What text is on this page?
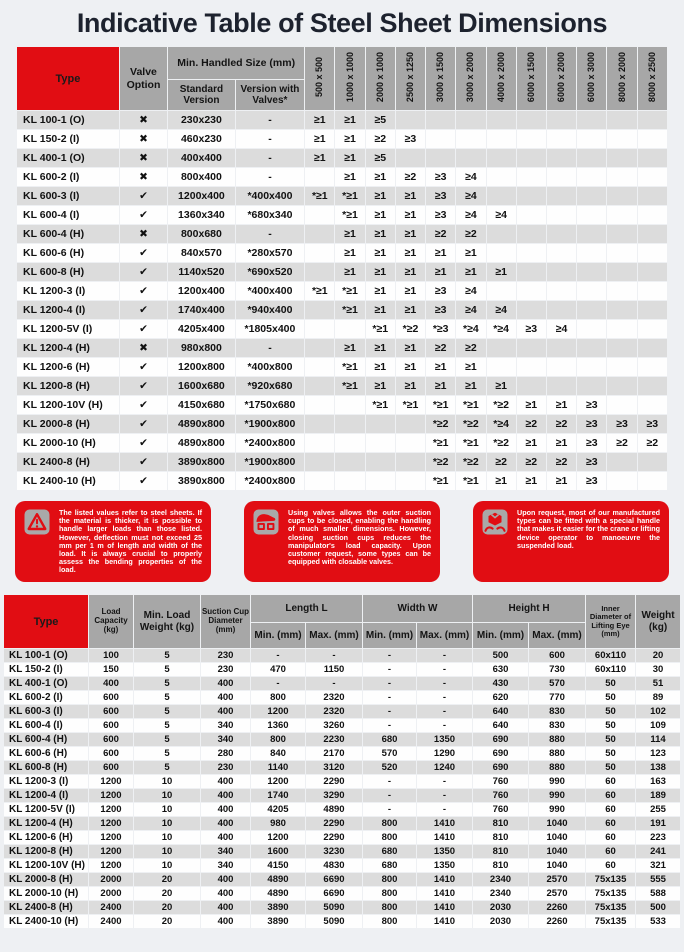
Indicative Table of Steel Sheet Dimensions
Type	Valve Option	Min. Handled Size (mm)		500 x 500	1000 x 1000	2000 x 1000	2500 x 1250	3000 x 1500	3000 x 2000	4000 x 2000	6000 x 1500	6000 x 2000	6000 x 3000	8000 x 2000	8000 x 2500
		Standard Version	Version with Valves*												
KL 100-1 (O)	✖	230x230	-	≥1	≥1	≥5									
KL 150-2 (I)	✖	460x230	-	≥1	≥1	≥2	≥3								
KL 400-1 (O)	✖	400x400	-	≥1	≥1	≥5									
KL 600-2 (I)	✖	800x400	-		≥1	≥1	≥2	≥3	≥4						
KL 600-3 (I)	✔	1200x400	*400x400	*≥1	*≥1	≥1	≥1	≥3	≥4						
KL 600-4 (I)	✔	1360x340	*680x340		*≥1	≥1	≥1	≥3	≥4	≥4					
KL 600-4 (H)	✖	800x680	-		≥1	≥1	≥1	≥2	≥2						
KL 600-6 (H)	✔	840x570	*280x570		≥1	≥1	≥1	≥1	≥1						
KL 600-8 (H)	✔	1140x520	*690x520		≥1	≥1	≥1	≥1	≥1	≥1					
KL 1200-3 (I)	✔	1200x400	*400x400	*≥1	*≥1	≥1	≥1	≥3	≥4						
KL 1200-4 (I)	✔	1740x400	*940x400		*≥1	≥1	≥1	≥3	≥4	≥4					
KL 1200-5V (I)	✔	4205x400	*1805x400			*≥1	*≥2	*≥3	*≥4	*≥4	≥3	≥4			
KL 1200-4 (H)	✖	980x800	-		≥1	≥1	≥1	≥2	≥2						
KL 1200-6 (H)	✔	1200x800	*400x800		*≥1	≥1	≥1	≥1	≥1						
KL 1200-8 (H)	✔	1600x680	*920x680		*≥1	≥1	≥1	≥1	≥1	≥1					
KL 1200-10V (H)	✔	4150x680	*1750x680			*≥1	*≥1	*≥1	*≥1	*≥2	≥1	≥1	≥3		
KL 2000-8 (H)	✔	4890x800	*1900x800					*≥2	*≥2	*≥4	≥2	≥2	≥3	≥3	≥3
KL 2000-10 (H)	✔	4890x800	*2400x800					*≥1	*≥1	*≥2	≥1	≥1	≥3	≥2	≥2
KL 2400-8 (H)	✔	3890x800	*1900x800					*≥2	*≥2	≥2	≥2	≥2	≥3		
KL 2400-10 (H)	✔	3890x800	*2400x800					*≥1	*≥1	≥1	≥1	≥1	≥3		
The listed values refer to steel sheets. If the material is thicker, it is possible to handle larger loads than those listed. However, deflection must not exceed 25 mm per 1 m of length and width of the load. It is always crucial to properly assess the bending properties of the load.
Using valves allows the outer suction cups to be closed, enabling the handling of much smaller dimensions. However, closing suction cups reduces the manipulator's load capacity. Upon customer request, some types can be equipped with closable valves.
Upon request, most of our manufactured types can be fitted with a special handle that makes it easier for the crane or lifting device operator to manoeuvre the suspended load.
Type	Load Capacity (kg)	Min. Load Weight (kg)	Suction Cup Diameter (mm)	Length L		Width W		Height H		Inner Diameter of Lifting Eye (mm)	Weight (kg)
				Min. (mm)	Max. (mm)	Min. (mm)	Max. (mm)	Min. (mm)	Max. (mm)		
KL 100-1 (O)	100	5	230	-	-	-	-	500	600	60x110	20
KL 150-2 (I)	150	5	230	470	1150	-	-	630	730	60x110	30
KL 400-1 (O)	400	5	400	-	-	-	-	430	570	50	51
KL 600-2 (I)	600	5	400	800	2320	-	-	620	770	50	89
KL 600-3 (I)	600	5	400	1200	2320	-	-	640	830	50	102
KL 600-4 (I)	600	5	340	1360	3260	-	-	640	830	50	109
KL 600-4 (H)	600	5	340	800	2230	680	1350	690	880	50	114
KL 600-6 (H)	600	5	280	840	2170	570	1290	690	880	50	123
KL 600-8 (H)	600	5	230	1140	3120	520	1240	690	880	50	138
KL 1200-3 (I)	1200	10	400	1200	2290	-	-	760	990	60	163
KL 1200-4 (I)	1200	10	400	1740	3290	-	-	760	990	60	189
KL 1200-5V (I)	1200	10	400	4205	4890	-	-	760	990	60	255
KL 1200-4 (H)	1200	10	400	980	2290	800	1410	810	1040	60	191
KL 1200-6 (H)	1200	10	400	1200	2290	800	1410	810	1040	60	223
KL 1200-8 (H)	1200	10	340	1600	3230	680	1350	810	1040	60	241
KL 1200-10V (H)	1200	10	340	4150	4830	680	1350	810	1040	60	321
KL 2000-8 (H)	2000	20	400	4890	6690	800	1410	2340	2570	75x135	555
KL 2000-10 (H)	2000	20	400	4890	6690	800	1410	2340	2570	75x135	588
KL 2400-8 (H)	2400	20	400	3890	5090	800	1410	2030	2260	75x135	500
KL 2400-10 (H)	2400	20	400	3890	5090	800	1410	2030	2260	75x135	533
